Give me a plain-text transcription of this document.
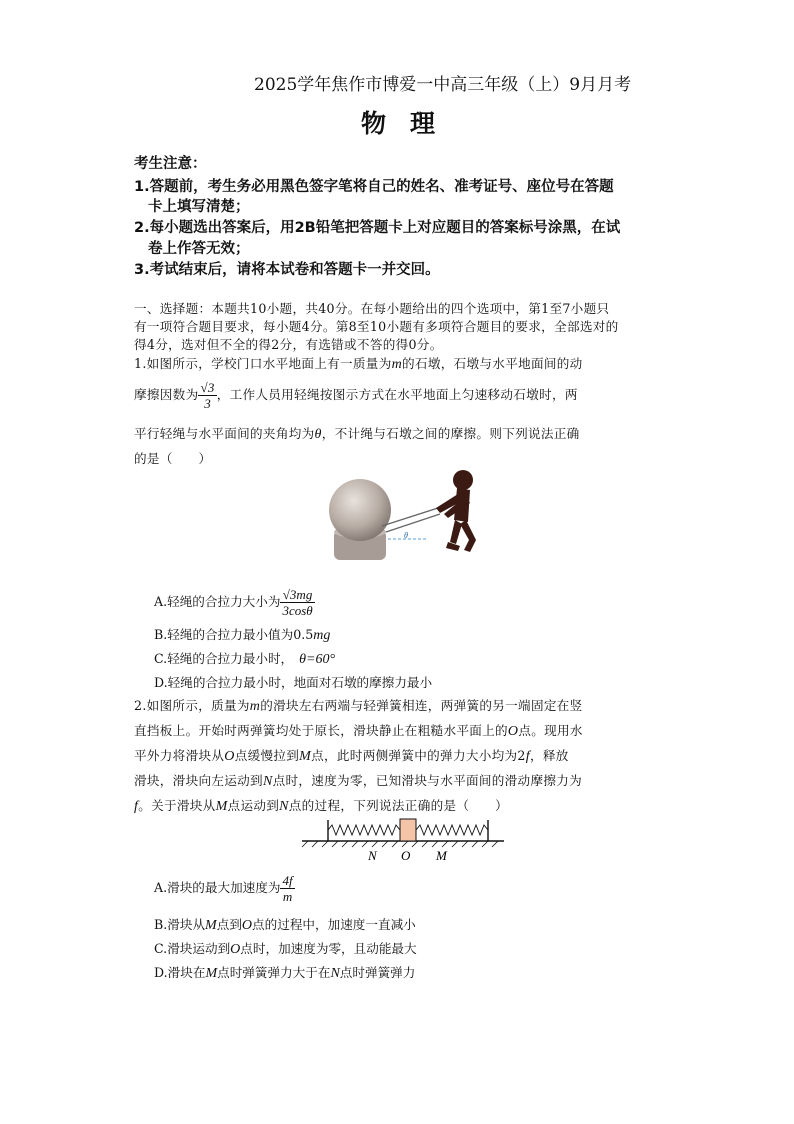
2025学年焦作市博爱一中高三年级（上）9月月考
物理
考生注意：
1.答题前，考生务必用黑色签字笔将自己的姓名、准考证号、座位号在答题
卡上填写清楚；
2.每小题选出答案后，用2B铅笔把答题卡上对应题目的答案标号涂黑，在试
卷上作答无效；
3.考试结束后，请将本试卷和答题卡一并交回。
一、选择题：本题共10小题，共40分。在每小题给出的四个选项中，第1至7小题只
有一项符合题目要求，每小题4分。第8至10小题有多项符合题目的要求，全部选对的
得4分，选对但不全的得2分，有选错或不答的得0分。
1.如图所示，学校门口水平地面上有一质量为m的石墩，石墩与水平地面间的动
摩擦因数为 $\frac{√3}{3}$ ，工作人员用轻绳按图示方式在水平地面上匀速移动石墩时，两
平行轻绳与水平面间的夹角均为θ，不计绳与石墩之间的摩擦。则下列说法正确
的是（　　）
θ
A.轻绳的合拉力大小为 $\frac{√3mg}{3\cos\theta}$
B.轻绳的合拉力最小值为0.5mg
C.轻绳的合拉力最小时， θ=60°
D.轻绳的合拉力最小时，地面对石墩的摩擦力最小
2.如图所示，质量为m的滑块左右两端与轻弹簧相连，两弹簧的另一端固定在竖
直挡板上。开始时两弹簧均处于原长，滑块静止在粗糙水平面上的O点。现用水
平外力将滑块从O点缓慢拉到M点，此时两侧弹簧中的弹力大小均为2f，释放
滑块，滑块向左运动到N点时，速度为零，已知滑块与水平面间的滑动摩擦力为
f。关于滑块从M点运动到N点的过程，下列说法正确的是（　　）
N O M
A.滑块的最大加速度为 $\frac{4f}{m}$
B.滑块从M点到O点的过程中，加速度一直减小
C.滑块运动到O点时，加速度为零，且动能最大
D.滑块在M点时弹簧弹力大于在N点时弹簧弹力
